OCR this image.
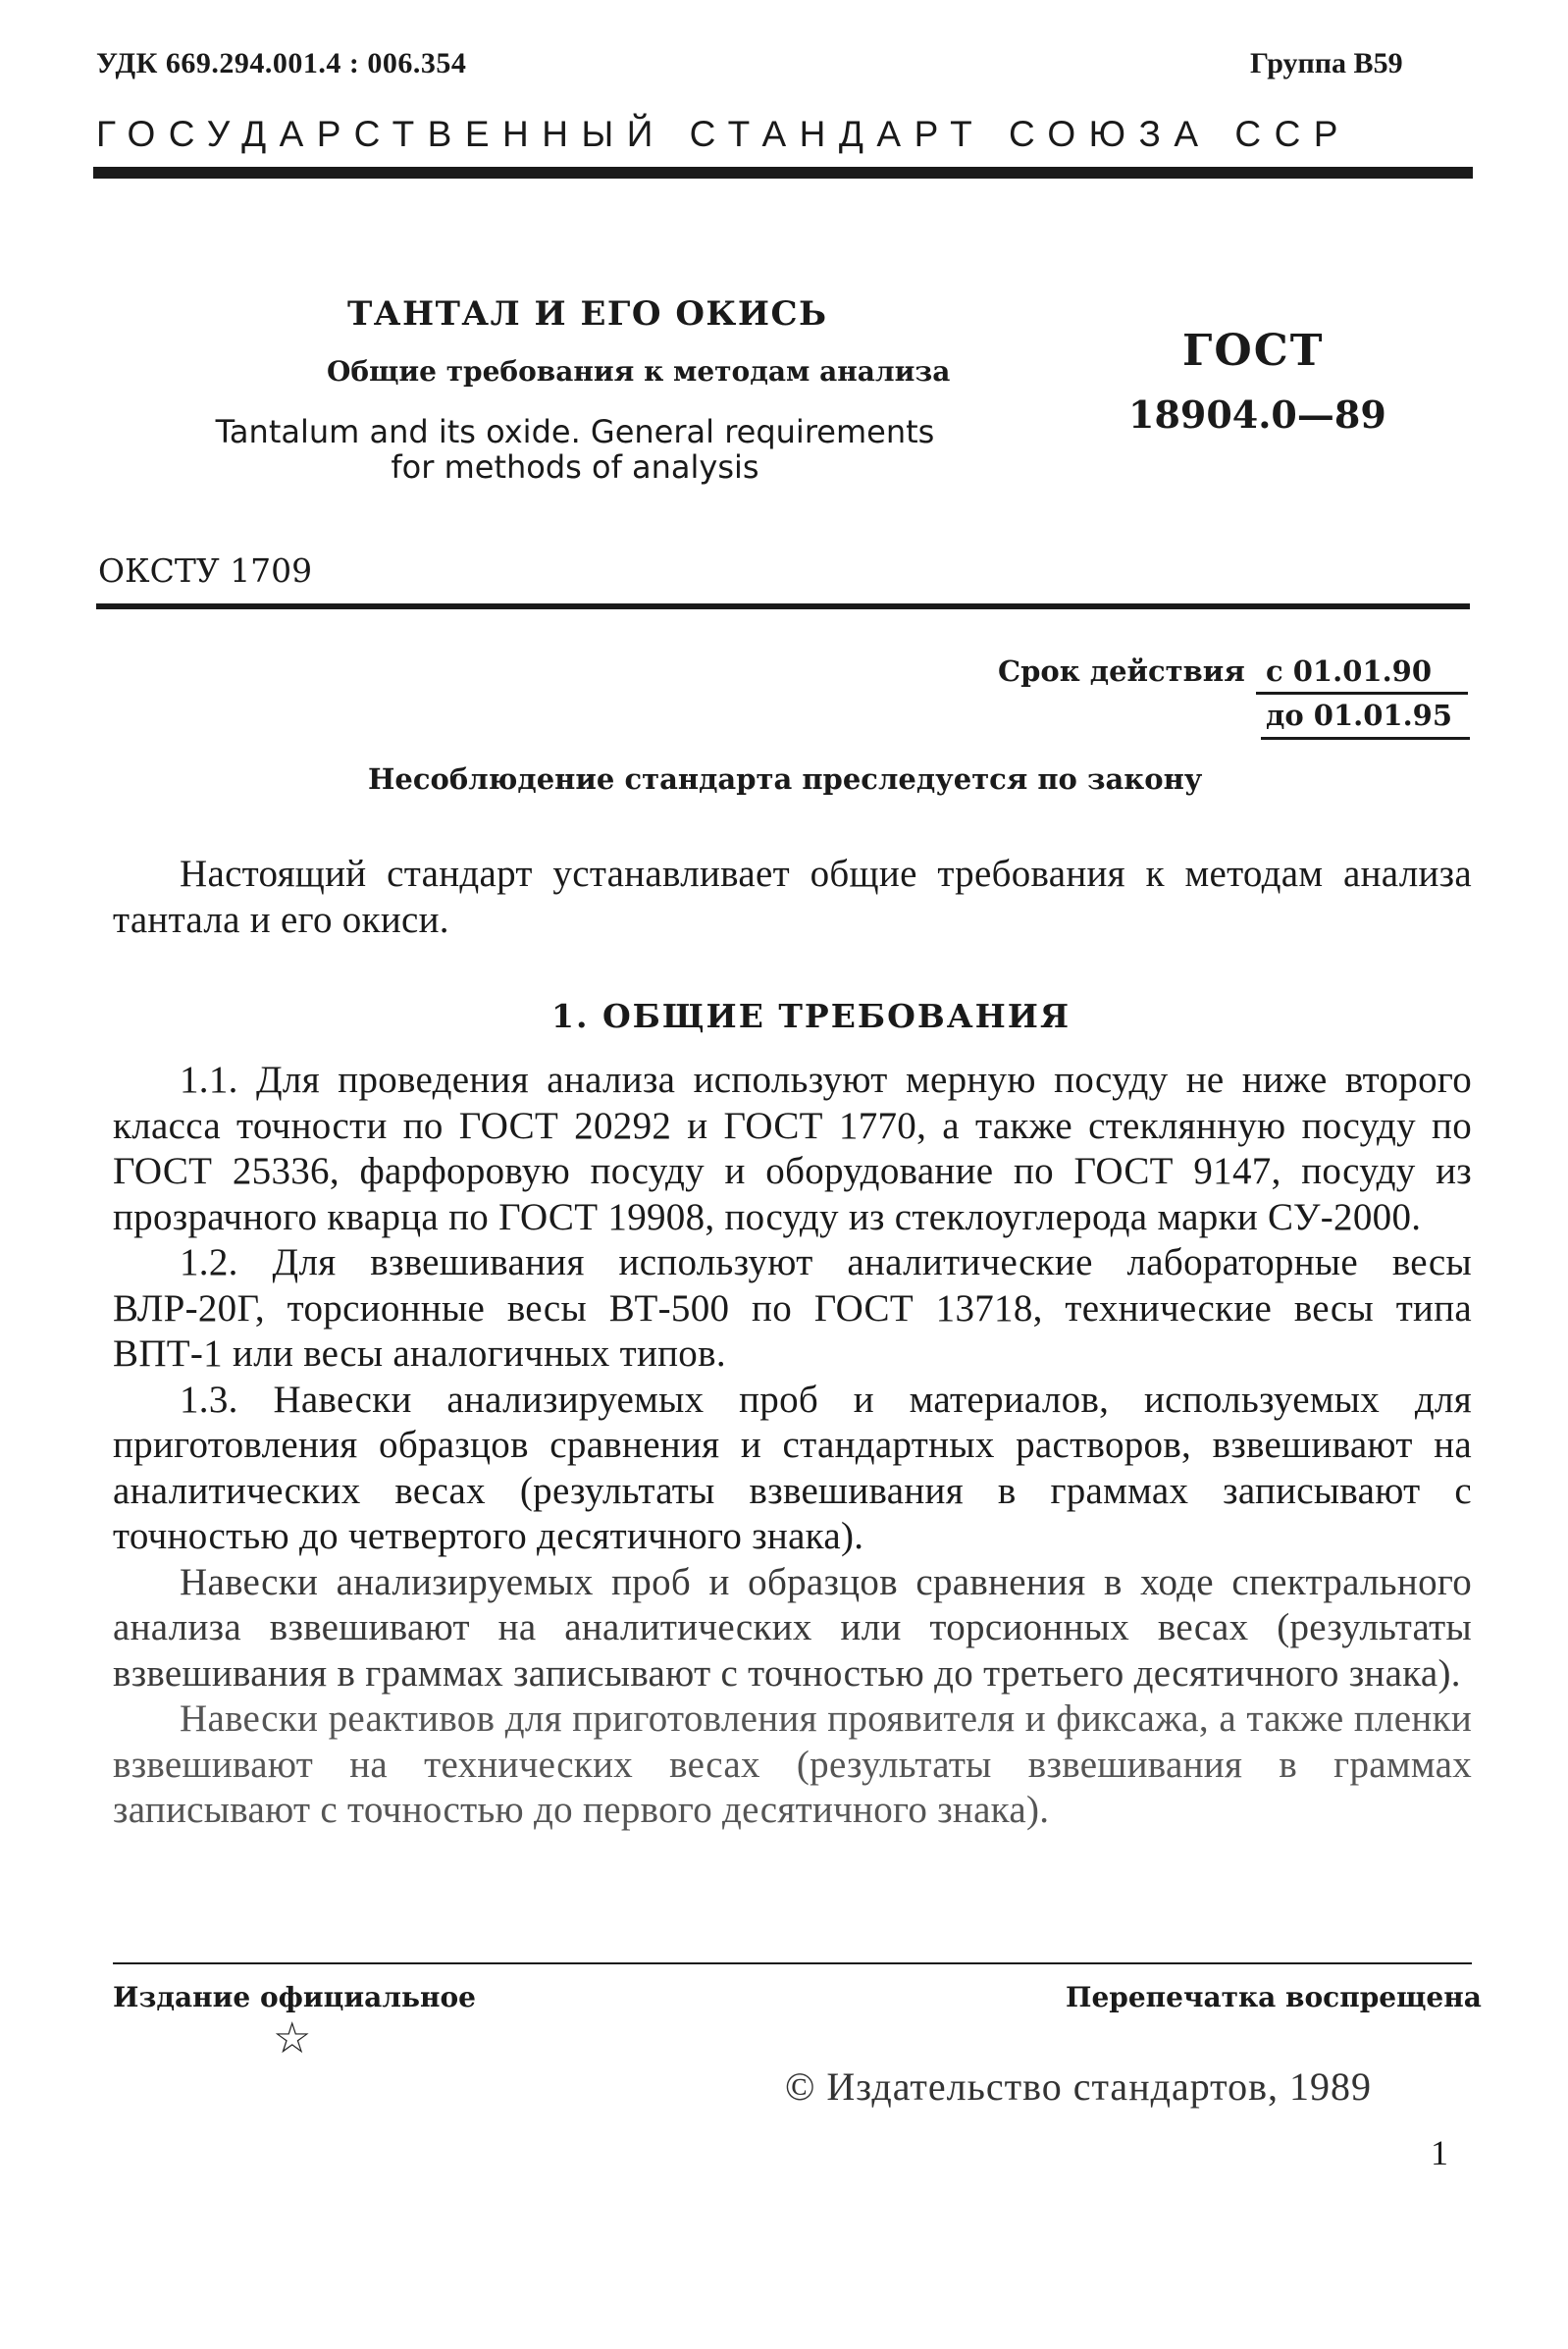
УДК 669.294.001.4 : 006.354	Группа В59
ГОСУДАРСТВЕННЫЙ СТАНДАРТ СОЮЗА ССР
ТАНТАЛ И ЕГО ОКИСЬ
Общие требования к методам анализа
Tantalum and its oxide. General requirements
for methods of analysis
ГОСТ
18904.0—89
ОКСТУ 1709
Срок действия с 01.01.90
до 01.01.95
Несоблюдение стандарта преследуется по закону

Настоящий стандарт устанавливает общие требования к методам анализа тантала и его окиси.

1. ОБЩИЕ ТРЕБОВАНИЯ

1.1. Для проведения анализа используют мерную посуду не ниже второго класса точности по ГОСТ 20292 и ГОСТ 1770, а также стеклянную посуду по ГОСТ 25336, фарфоровую посуду и оборудование по ГОСТ 9147, посуду из прозрачного кварца по ГОСТ 19908, посуду из стеклоуглерода марки СУ-2000.

1.2. Для взвешивания используют аналитические лабораторные весы ВЛР-20Г, торсионные весы ВТ-500 по ГОСТ 13718, технические весы типа ВПТ-1 или весы аналогичных типов.

1.3. Навески анализируемых проб и материалов, используемых для приготовления образцов сравнения и стандартных растворов, взвешивают на аналитических весах (результаты взвешивания в граммах записывают с точностью до четвертого десятичного знака).

Навески анализируемых проб и образцов сравнения в ходе спектрального анализа взвешивают на аналитических или торсионных весах (результаты взвешивания в граммах записывают с точностью до третьего десятичного знака).

Навески реактивов для приготовления проявителя и фиксажа, а также пленки взвешивают на технических весах (результаты взвешивания в граммах записывают с точностью до первого десятичного знака).

Издание официальное	Перепечатка воспрещена
☆
© Издательство стандартов, 1989
1
